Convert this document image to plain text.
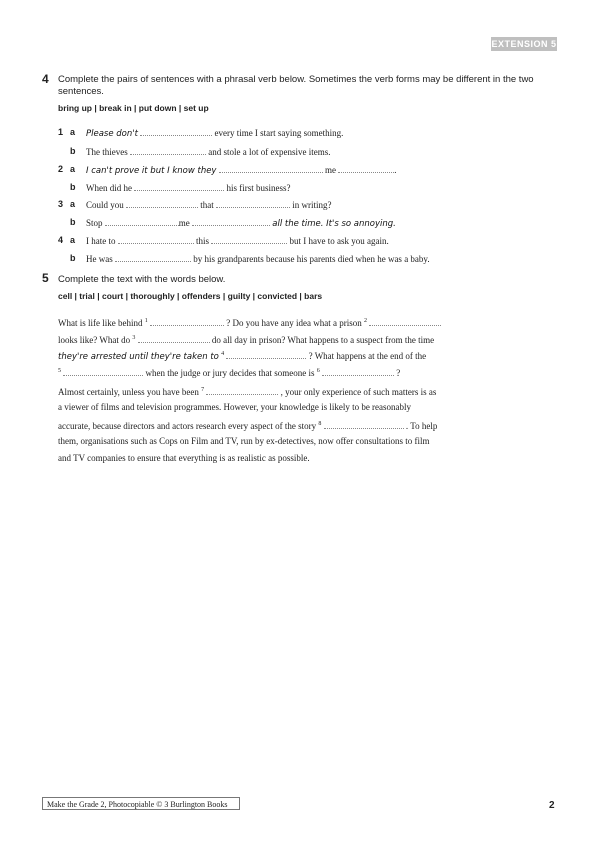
EXTENSION 5
4 Complete the pairs of sentences with a phrasal verb below. Sometimes the verb forms may be different in the two sentences.
bring up | break in | put down | set up
1 a Please don't	every time I start saying something.
b The thieves	and stole a lot of expensive items.
2 a I can't prove it but I know they	me	.
b When did he	his first business?
3 a Could you	that	in writing?
b Stop	me	all the time. It's so annoying.
4 a I hate to	this	but I have to ask you again.
b He was	by his grandparents because his parents died when he was a baby.
5 Complete the text with the words below.
cell | trial | court | thoroughly | offenders | guilty | convicted | bars
What is life like behind $^1$	? Do you have any idea what a prison $^2$
looks like? What do $^3$	do all day in prison? What happens to a suspect from the time
they're arrested until they're taken to $^4$	? What happens at the end of the
$^5$	when the judge or jury decides that someone is $^6$	?
Almost certainly, unless you have been $^7$	, your only experience of such matters is as
a viewer of films and television programmes. However, your knowledge is likely to be reasonably
accurate, because directors and actors research every aspect of the story $^8$	. To help
them, organisations such as Cops on Film and TV, run by ex-detectives, now offer consultations to film
and TV companies to ensure that everything is as realistic as possible.
Make the Grade 2, Photocopiable © 3 Burlington Books	2
